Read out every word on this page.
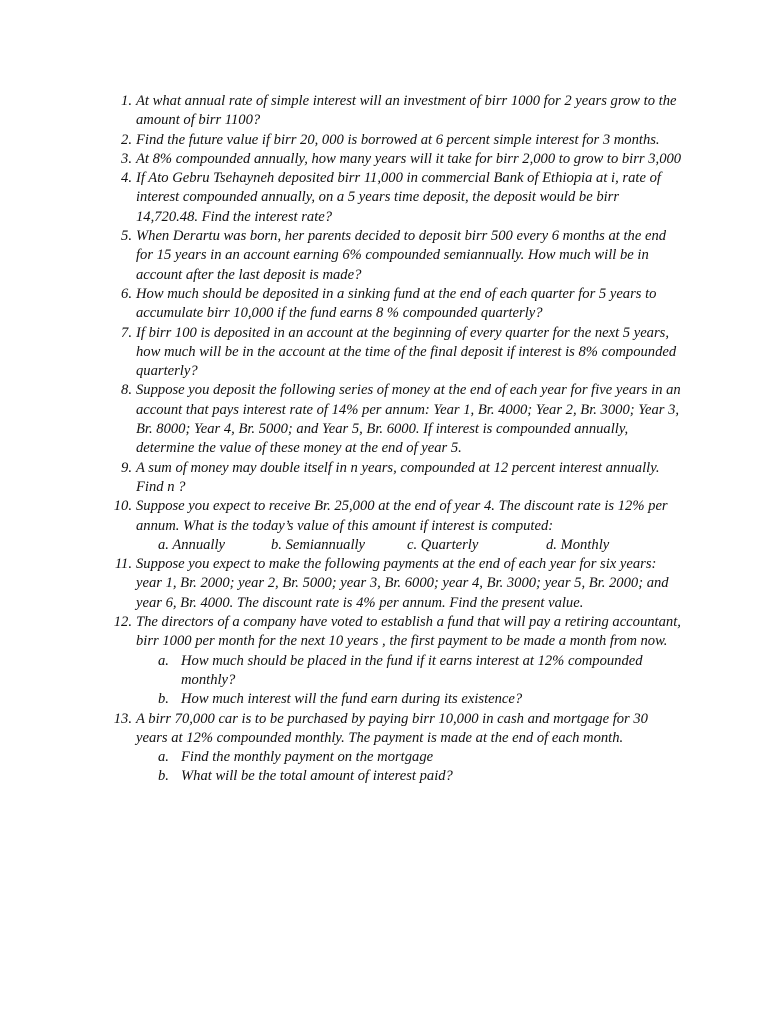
1. At what annual rate of simple interest will an investment of birr 1000 for 2 years grow to the amount of birr 1100?
2. Find the future value if birr 20, 000 is borrowed at 6 percent simple interest for 3 months.
3. At 8% compounded annually, how many years will it take for birr 2,000 to grow to birr 3,000
4. If Ato Gebru Tsehayneh deposited birr 11,000 in commercial Bank of Ethiopia at i, rate of interest compounded annually, on a 5 years time deposit, the deposit would be birr 14,720.48. Find the interest rate?
5. When Derartu was born, her parents decided to deposit birr 500 every 6 months at the end for 15 years in an account earning 6% compounded semiannually. How much will be in account after the last deposit is made?
6. How much should be deposited in a sinking fund at the end of each quarter for 5 years to accumulate birr 10,000 if the fund earns 8 % compounded quarterly?
7. If birr 100 is deposited in an account at the beginning of every quarter for the next 5 years, how much will be in the account at the time of the final deposit if interest is 8% compounded quarterly?
8. Suppose you deposit the following series of money at the end of each year for five years in an account that pays interest rate of 14% per annum: Year 1, Br. 4000; Year 2, Br. 3000; Year 3, Br. 8000; Year 4, Br. 5000; and Year 5, Br. 6000. If interest is compounded annually, determine the value of these money at the end of year 5.
9. A sum of money may double itself in n years, compounded at 12 percent interest annually. Find n ?
10. Suppose you expect to receive Br. 25,000 at the end of year 4. The discount rate is 12% per annum. What is the today’s value of this amount if interest is computed:
a. Annually	b. Semiannually	c. Quarterly	d. Monthly
11. Suppose you expect to make the following payments at the end of each year for six years: year 1, Br. 2000; year 2, Br. 5000; year 3, Br. 6000; year 4, Br. 3000; year 5, Br. 2000; and year 6, Br. 4000. The discount rate is 4% per annum. Find the present value.
12. The directors of a company have voted to establish a fund that will pay a retiring accountant, birr 1000 per month for the next 10 years , the first payment to be made a month from now.
a. How much should be placed in the fund if it earns interest at 12% compounded monthly?
b. How much interest will the fund earn during its existence?
13. A birr 70,000 car is to be purchased by paying birr 10,000 in cash and mortgage for 30 years at 12% compounded monthly. The payment is made at the end of each month.
a. Find the monthly payment on the mortgage
b. What will be the total amount of interest paid?
